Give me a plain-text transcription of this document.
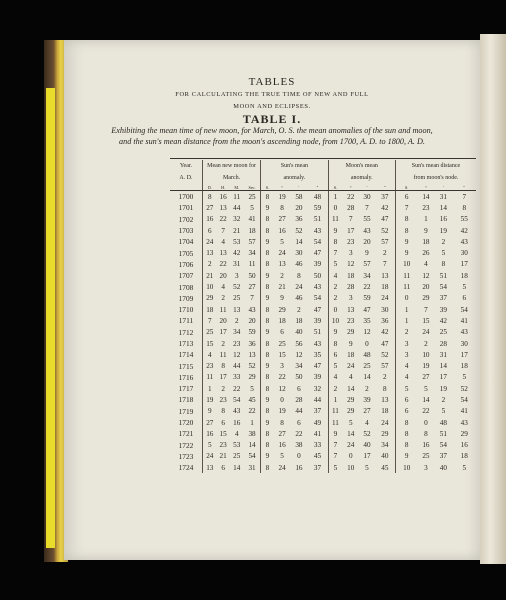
TABLES
FOR CALCULATING THE TRUE TIME OF NEW AND FULL
MOON AND ECLIPSES.
TABLE I.
Exhibiting the mean time of new moon, for March, O. S. the mean anomalies of the sun and moon, and the sun's mean distance from the moon's ascending node, from 1700, A. D. to 1800, A. D.
Year.	Mean new moon for				Sun's mean				Moon's mean				Sun's mean distance			
A. D.	March.				anomaly.				anomaly.				from moon's node.			
	D.	H.	M.	Sec.	S.	°	'	"	S.	°	'	"	S.	°	'	"
1700	8	16	11	25	8	19	58	48	1	22	30	37	6	14	31	7
1701	27	13	44	5	9	8	20	59	0	28	7	42	7	23	14	8
1702	16	22	32	41	8	27	36	51	11	7	55	47	8	1	16	55
1703	6	7	21	18	8	16	52	43	9	17	43	52	8	9	19	42
1704	24	4	53	57	9	5	14	54	8	23	20	57	9	18	2	43
1705	13	13	42	34	8	24	30	47	7	3	9	2	9	26	5	30
1706	2	22	31	11	8	13	46	39	5	12	57	7	10	4	8	17
1707	21	20	3	50	9	2	8	50	4	18	34	13	11	12	51	18
1708	10	4	52	27	8	21	24	43	2	28	22	18	11	20	54	5
1709	29	2	25	7	9	9	46	54	2	3	59	24	0	29	37	6
1710	18	11	13	43	8	29	2	47	0	13	47	30	1	7	39	54
1711	7	20	2	20	8	18	18	39	10	23	35	36	1	15	42	41
1712	25	17	34	59	9	6	40	51	9	29	12	42	2	24	25	43
1713	15	2	23	36	8	25	56	43	8	9	0	47	3	2	28	30
1714	4	11	12	13	8	15	12	35	6	18	48	52	3	10	31	17
1715	23	8	44	52	9	3	34	47	5	24	25	57	4	19	14	18
1716	11	17	33	29	8	22	50	39	4	4	14	2	4	27	17	5
1717	1	2	22	5	8	12	6	32	2	14	2	8	5	5	19	52
1718	19	23	54	45	9	0	28	44	1	29	39	13	6	14	2	54
1719	9	8	43	22	8	19	44	37	11	29	27	18	6	22	5	41
1720	27	6	16	1	9	8	6	49	11	5	4	24	8	0	48	43
1721	16	15	4	38	8	27	22	41	9	14	52	29	8	8	51	29
1722	5	23	53	14	8	16	38	33	7	24	40	34	8	16	54	16
1723	24	21	25	54	9	5	0	45	7	0	17	40	9	25	37	18
1724	13	6	14	31	8	24	16	37	5	10	5	45	10	3	40	5
